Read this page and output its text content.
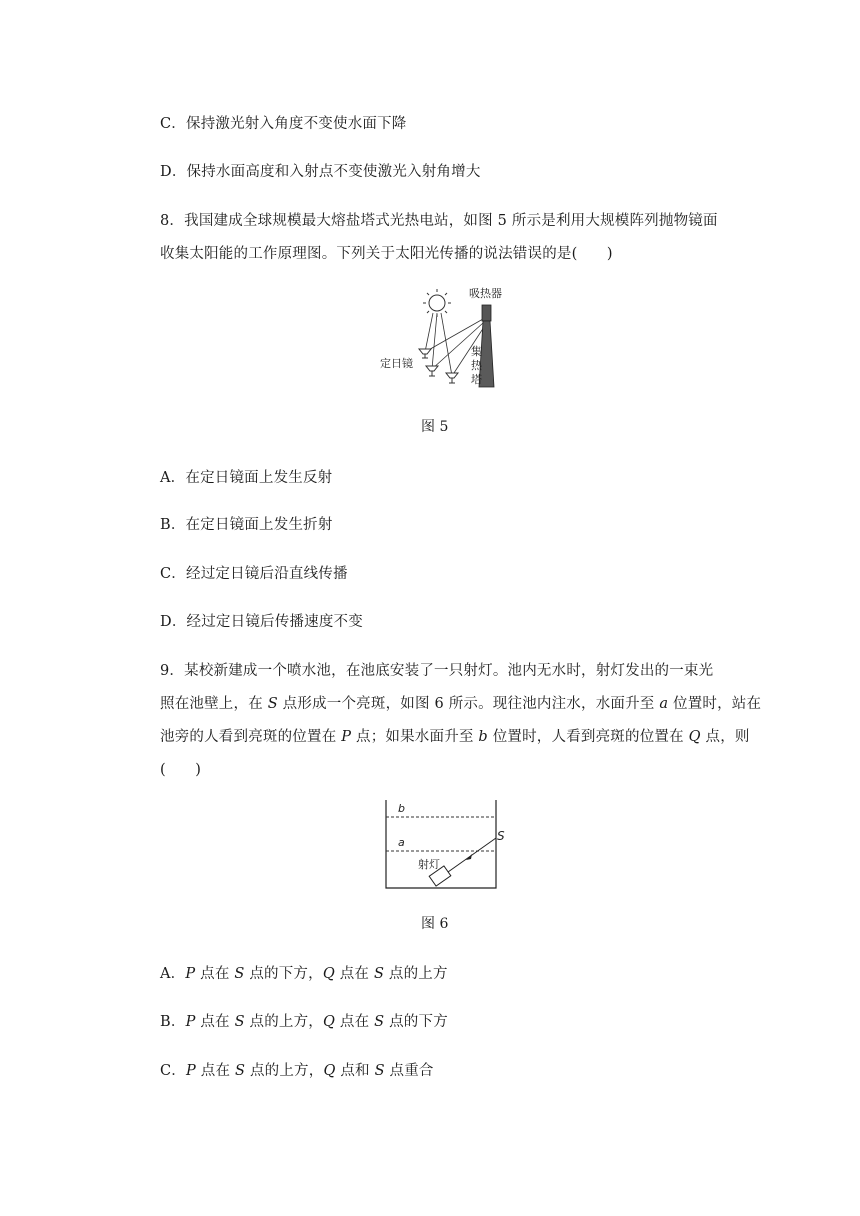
C．保持激光射入角度不变使水面下降
D．保持水面高度和入射点不变使激光入射角增大
8．我国建成全球规模最大熔盐塔式光热电站，如图 5 所示是利用大规模阵列抛物镜面
收集太阳能的工作原理图。下列关于太阳光传播的说法错误的是(　　)
吸热器
定日镜
集
热
塔
图 5
A．在定日镜面上发生反射
B．在定日镜面上发生折射
C．经过定日镜后沿直线传播
D．经过定日镜后传播速度不变
9．某校新建成一个喷水池，在池底安装了一只射灯。池内无水时，射灯发出的一束光
照在池壁上，在 S 点形成一个亮斑，如图 6 所示。现往池内注水，水面升至 a 位置时，站在
池旁的人看到亮斑的位置在 P 点；如果水面升至 b 位置时，人看到亮斑的位置在 Q 点，则
(　　)
b
a	S
射灯
图 6
A．P 点在 S 点的下方，Q 点在 S 点的上方
B．P 点在 S 点的上方，Q 点在 S 点的下方
C．P 点在 S 点的上方，Q 点和 S 点重合
